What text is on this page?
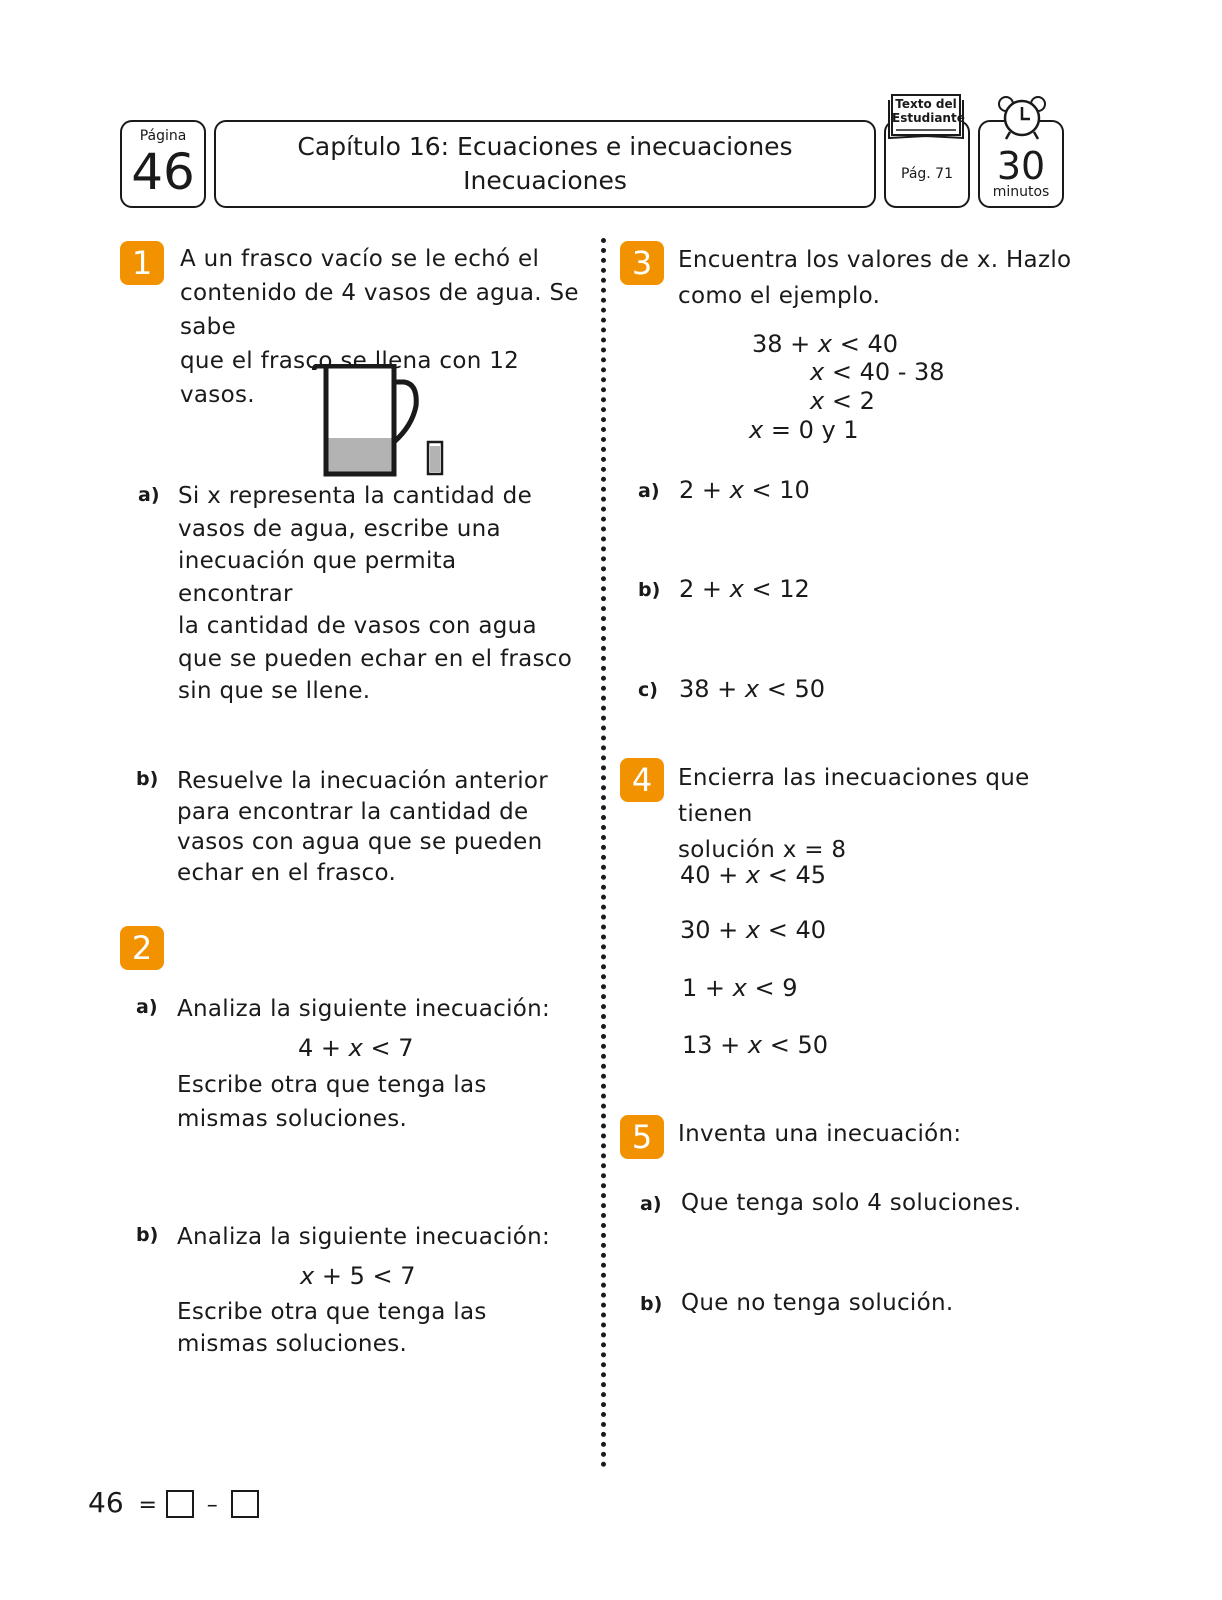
Página
46	Capítulo 16: Ecuaciones e inecuaciones
Inecuaciones	Pág. 71
Texto del
Estudiante
30
minutos
1	A un frasco vacío se le echó el
contenido de 4 vasos de agua. Se sabe
que el frasco se llena con 12 vasos.
a) Si x representa la cantidad de
vasos de agua, escribe una
inecuación que permita encontrar
la cantidad de vasos con agua
que se pueden echar en el frasco
sin que se llene.
b) Resuelve la inecuación anterior
para encontrar la cantidad de
vasos con agua que se pueden
echar en el frasco.
2
a) Analiza la siguiente inecuación:
4 + x < 7
Escribe otra que tenga las
mismas soluciones.
b) Analiza la siguiente inecuación:
x + 5 < 7
Escribe otra que tenga las
mismas soluciones.
3	Encuentra los valores de x. Hazlo
como el ejemplo.
38 + x < 40
x < 40 - 38
x < 2
x = 0 y 1
a) 2 + x < 10
b) 2 + x < 12
c) 38 + x < 50
4	Encierra las inecuaciones que tienen
solución x = 8
40 + x < 45
30 + x < 40
1 + x < 9
13 + x < 50
5	Inventa una inecuación:
a) Que tenga solo 4 soluciones.
b) Que no tenga solución.
46 = –
